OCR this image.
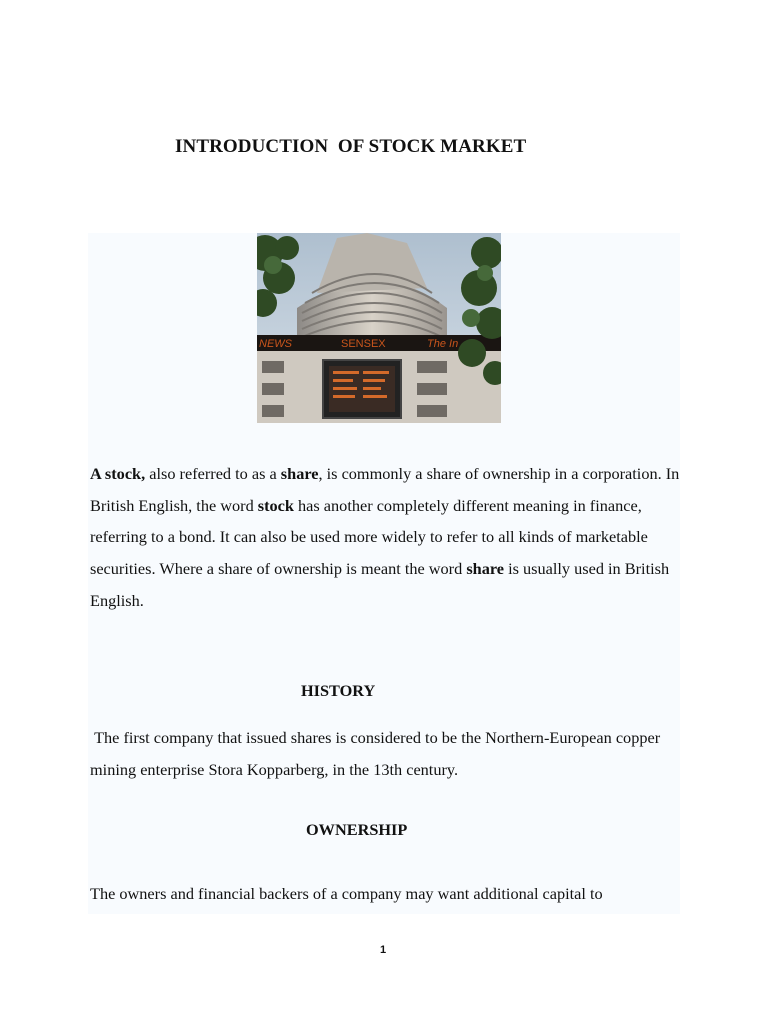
INTRODUCTION  OF STOCK MARKET
NEWS	SENSEX	The In

A stock, also referred to as a share, is commonly a share of ownership in a corporation. In British English, the word stock has another completely different meaning in finance, referring to a bond. It can also be used more widely to refer to all kinds of marketable securities. Where a share of ownership is meant the word share is usually used in British English.

HISTORY

The first company that issued shares is considered to be the Northern-European copper mining enterprise Stora Kopparberg, in the 13th century.

OWNERSHIP

The owners and financial backers of a company may want additional capital to

1
